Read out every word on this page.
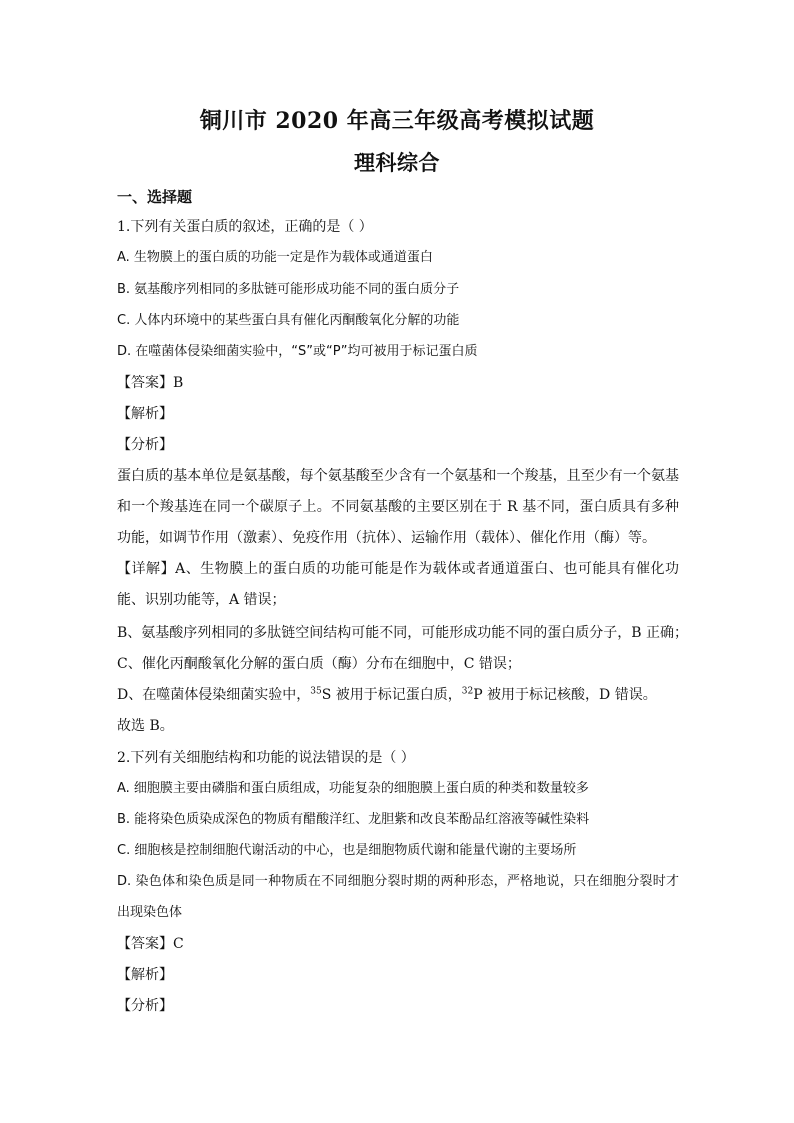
铜川市 2020 年高三年级高考模拟试题
理科综合
一、选择题
1.下列有关蛋白质的叙述，正确的是（ ）
A. 生物膜上的蛋白质的功能一定是作为载体或通道蛋白
B. 氨基酸序列相同的多肽链可能形成功能不同的蛋白质分子
C. 人体内环境中的某些蛋白具有催化丙酮酸氧化分解的功能
D. 在噬菌体侵染细菌实验中，“S”或“P”均可被用于标记蛋白质
【答案】B
【解析】
【分析】
蛋白质的基本单位是氨基酸，每个氨基酸至少含有一个氨基和一个羧基，且至少有一个氨基和一个羧基连在同一个碳原子上。不同氨基酸的主要区别在于 R 基不同，蛋白质具有多种功能，如调节作用（激素）、免疫作用（抗体）、运输作用（载体）、催化作用（酶）等。
【详解】A、生物膜上的蛋白质的功能可能是作为载体或者通道蛋白、也可能具有催化功能、识别功能等，A 错误；
B、氨基酸序列相同的多肽链空间结构可能不同，可能形成功能不同的蛋白质分子，B 正确；
C、催化丙酮酸氧化分解的蛋白质（酶）分布在细胞中，C 错误；
D、在噬菌体侵染细菌实验中，$^{35}$S 被用于标记蛋白质，$^{32}$P 被用于标记核酸，D 错误。
故选 B。
2.下列有关细胞结构和功能的说法错误的是（ ）
A. 细胞膜主要由磷脂和蛋白质组成，功能复杂的细胞膜上蛋白质的种类和数量较多
B. 能将染色质染成深色的物质有醋酸洋红、龙胆紫和改良苯酚品红溶液等碱性染料
C. 细胞核是控制细胞代谢活动的中心，也是细胞物质代谢和能量代谢的主要场所
D. 染色体和染色质是同一种物质在不同细胞分裂时期的两种形态，严格地说，只在细胞分裂时才出现染色体
【答案】C
【解析】
【分析】
